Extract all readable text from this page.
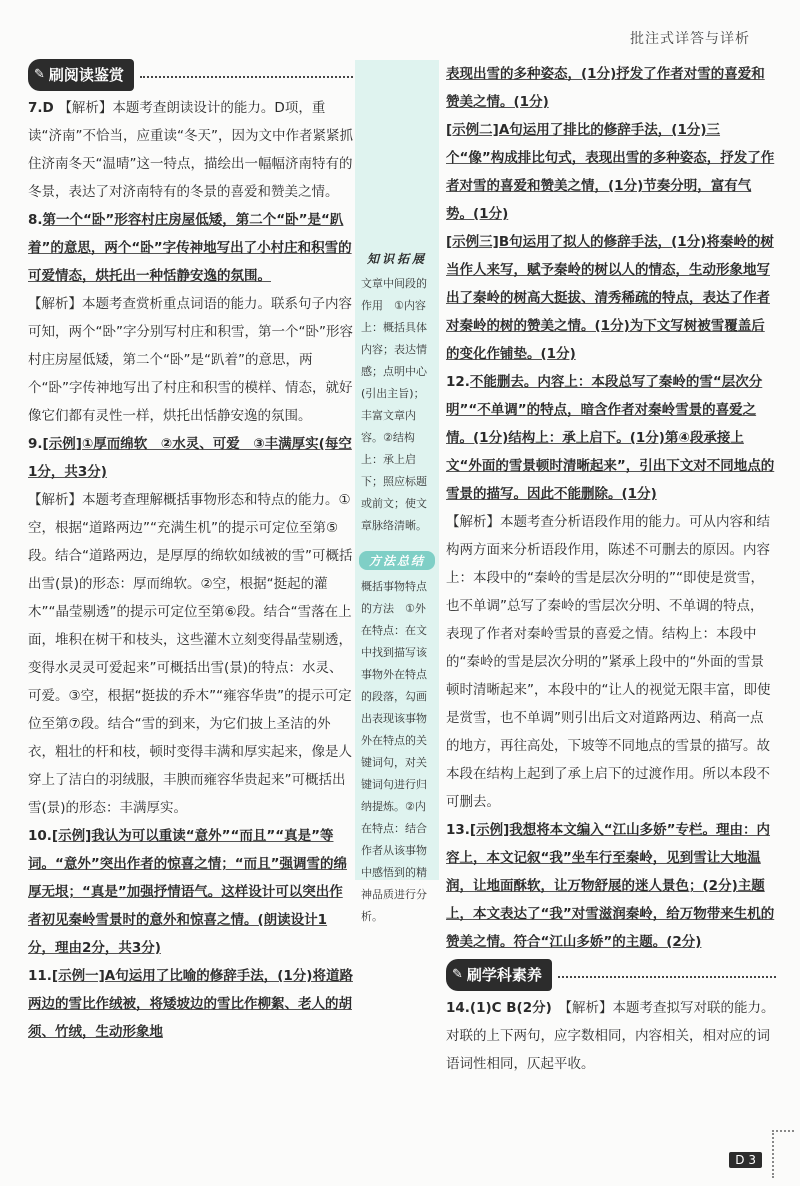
批注式详答与详析
✎ 刷阅读鉴赏

7.D 【解析】本题考查朗读设计的能力。D项，重读“济南”不恰当，应重读“冬天”，因为文中作者紧紧抓住济南冬天“温晴”这一特点，描绘出一幅幅济南特有的冬景，表达了对济南特有的冬景的喜爱和赞美之情。

8.第一个“卧”形容村庄房屋低矮，第二个“卧”是“趴着”的意思，两个“卧”字传神地写出了小村庄和积雪的可爱情态，烘托出一种恬静安逸的氛围。

【解析】本题考查赏析重点词语的能力。联系句子内容可知，两个“卧”字分别写村庄和积雪，第一个“卧”形容村庄房屋低矮，第二个“卧”是“趴着”的意思，两个“卧”字传神地写出了村庄和积雪的模样、情态，就好像它们都有灵性一样，烘托出恬静安逸的氛围。

9.[示例]①厚而绵软　②水灵、可爱　③丰满厚实(每空1分，共3分)

【解析】本题考查理解概括事物形态和特点的能力。①空，根据“道路两边”“充满生机”的提示可定位至第⑤段。结合“道路两边，是厚厚的绵软如绒被的雪”可概括出雪(景)的形态：厚而绵软。②空，根据“挺起的灌木”“晶莹剔透”的提示可定位至第⑥段。结合“雪落在上面，堆积在树干和枝头，这些灌木立刻变得晶莹剔透，变得水灵灵可爱起来”可概括出雪(景)的特点：水灵、可爱。③空，根据“挺拔的乔木”“雍容华贵”的提示可定位至第⑦段。结合“雪的到来，为它们披上圣洁的外衣，粗壮的杆和枝，顿时变得丰满和厚实起来，像是人穿上了洁白的羽绒服，丰腴而雍容华贵起来”可概括出雪(景)的形态：丰满厚实。

10.[示例]我认为可以重读“意外”“而且”“真是”等词。“意外”突出作者的惊喜之情；“而且”强调雪的绵厚无垠；“真是”加强抒情语气。这样设计可以突出作者初见秦岭雪景时的意外和惊喜之情。(朗读设计1分，理由2分，共3分)

11.[示例一]A句运用了比喻的修辞手法，(1分)将道路两边的雪比作绒被，将矮坡边的雪比作柳絮、老人的胡须、竹绒，生动形象地

知识拓展
文章中间段的作用　①内容上：概括具体内容；表达情感；点明中心(引出主旨)；丰富文章内容。②结构上：承上启下；照应标题或前文；使文章脉络清晰。
方法总结
概括事物特点的方法　①外在特点：在文中找到描写该事物外在特点的段落，勾画出表现该事物外在特点的关键词句，对关键词句进行归纳提炼。②内在特点：结合作者从该事物中感悟到的精神品质进行分析。

表现出雪的多种姿态，(1分)抒发了作者对雪的喜爱和赞美之情。(1分)

[示例二]A句运用了排比的修辞手法，(1分)三个“像”构成排比句式，表现出雪的多种姿态，抒发了作者对雪的喜爱和赞美之情，(1分)节奏分明，富有气势。(1分)

[示例三]B句运用了拟人的修辞手法，(1分)将秦岭的树当作人来写，赋予秦岭的树以人的情态，生动形象地写出了秦岭的树高大挺拔、清秀稀疏的特点，表达了作者对秦岭的树的赞美之情。(1分)为下文写树被雪覆盖后的变化作铺垫。(1分)

12.不能删去。内容上：本段总写了秦岭的雪“层次分明”“不单调”的特点，暗含作者对秦岭雪景的喜爱之情。(1分)结构上：承上启下。(1分)第④段承接上文“外面的雪景顿时清晰起来”，引出下文对不同地点的雪景的描写。因此不能删除。(1分)

【解析】本题考查分析语段作用的能力。可从内容和结构两方面来分析语段作用，陈述不可删去的原因。内容上：本段中的“秦岭的雪是层次分明的”“即使是赏雪，也不单调”总写了秦岭的雪层次分明、不单调的特点，表现了作者对秦岭雪景的喜爱之情。结构上：本段中的“秦岭的雪是层次分明的”紧承上段中的“外面的雪景顿时清晰起来”，本段中的“让人的视觉无限丰富，即使是赏雪，也不单调”则引出后文对道路两边、稍高一点的地方，再往高处，下坡等不同地点的雪景的描写。故本段在结构上起到了承上启下的过渡作用。所以本段不可删去。

13.[示例]我想将本文编入“江山多娇”专栏。理由：内容上，本文记叙“我”坐车行至秦岭，见到雪让大地温润，让地面酥软，让万物舒展的迷人景色；(2分)主题上，本文表达了“我”对雪滋润秦岭，给万物带来生机的赞美之情。符合“江山多娇”的主题。(2分)

✎ 刷学科素养

14.(1)C B(2分)　【解析】本题考查拟写对联的能力。对联的上下两句，应字数相同，内容相关，相对应的词语词性相同，仄起平收。

D 3
